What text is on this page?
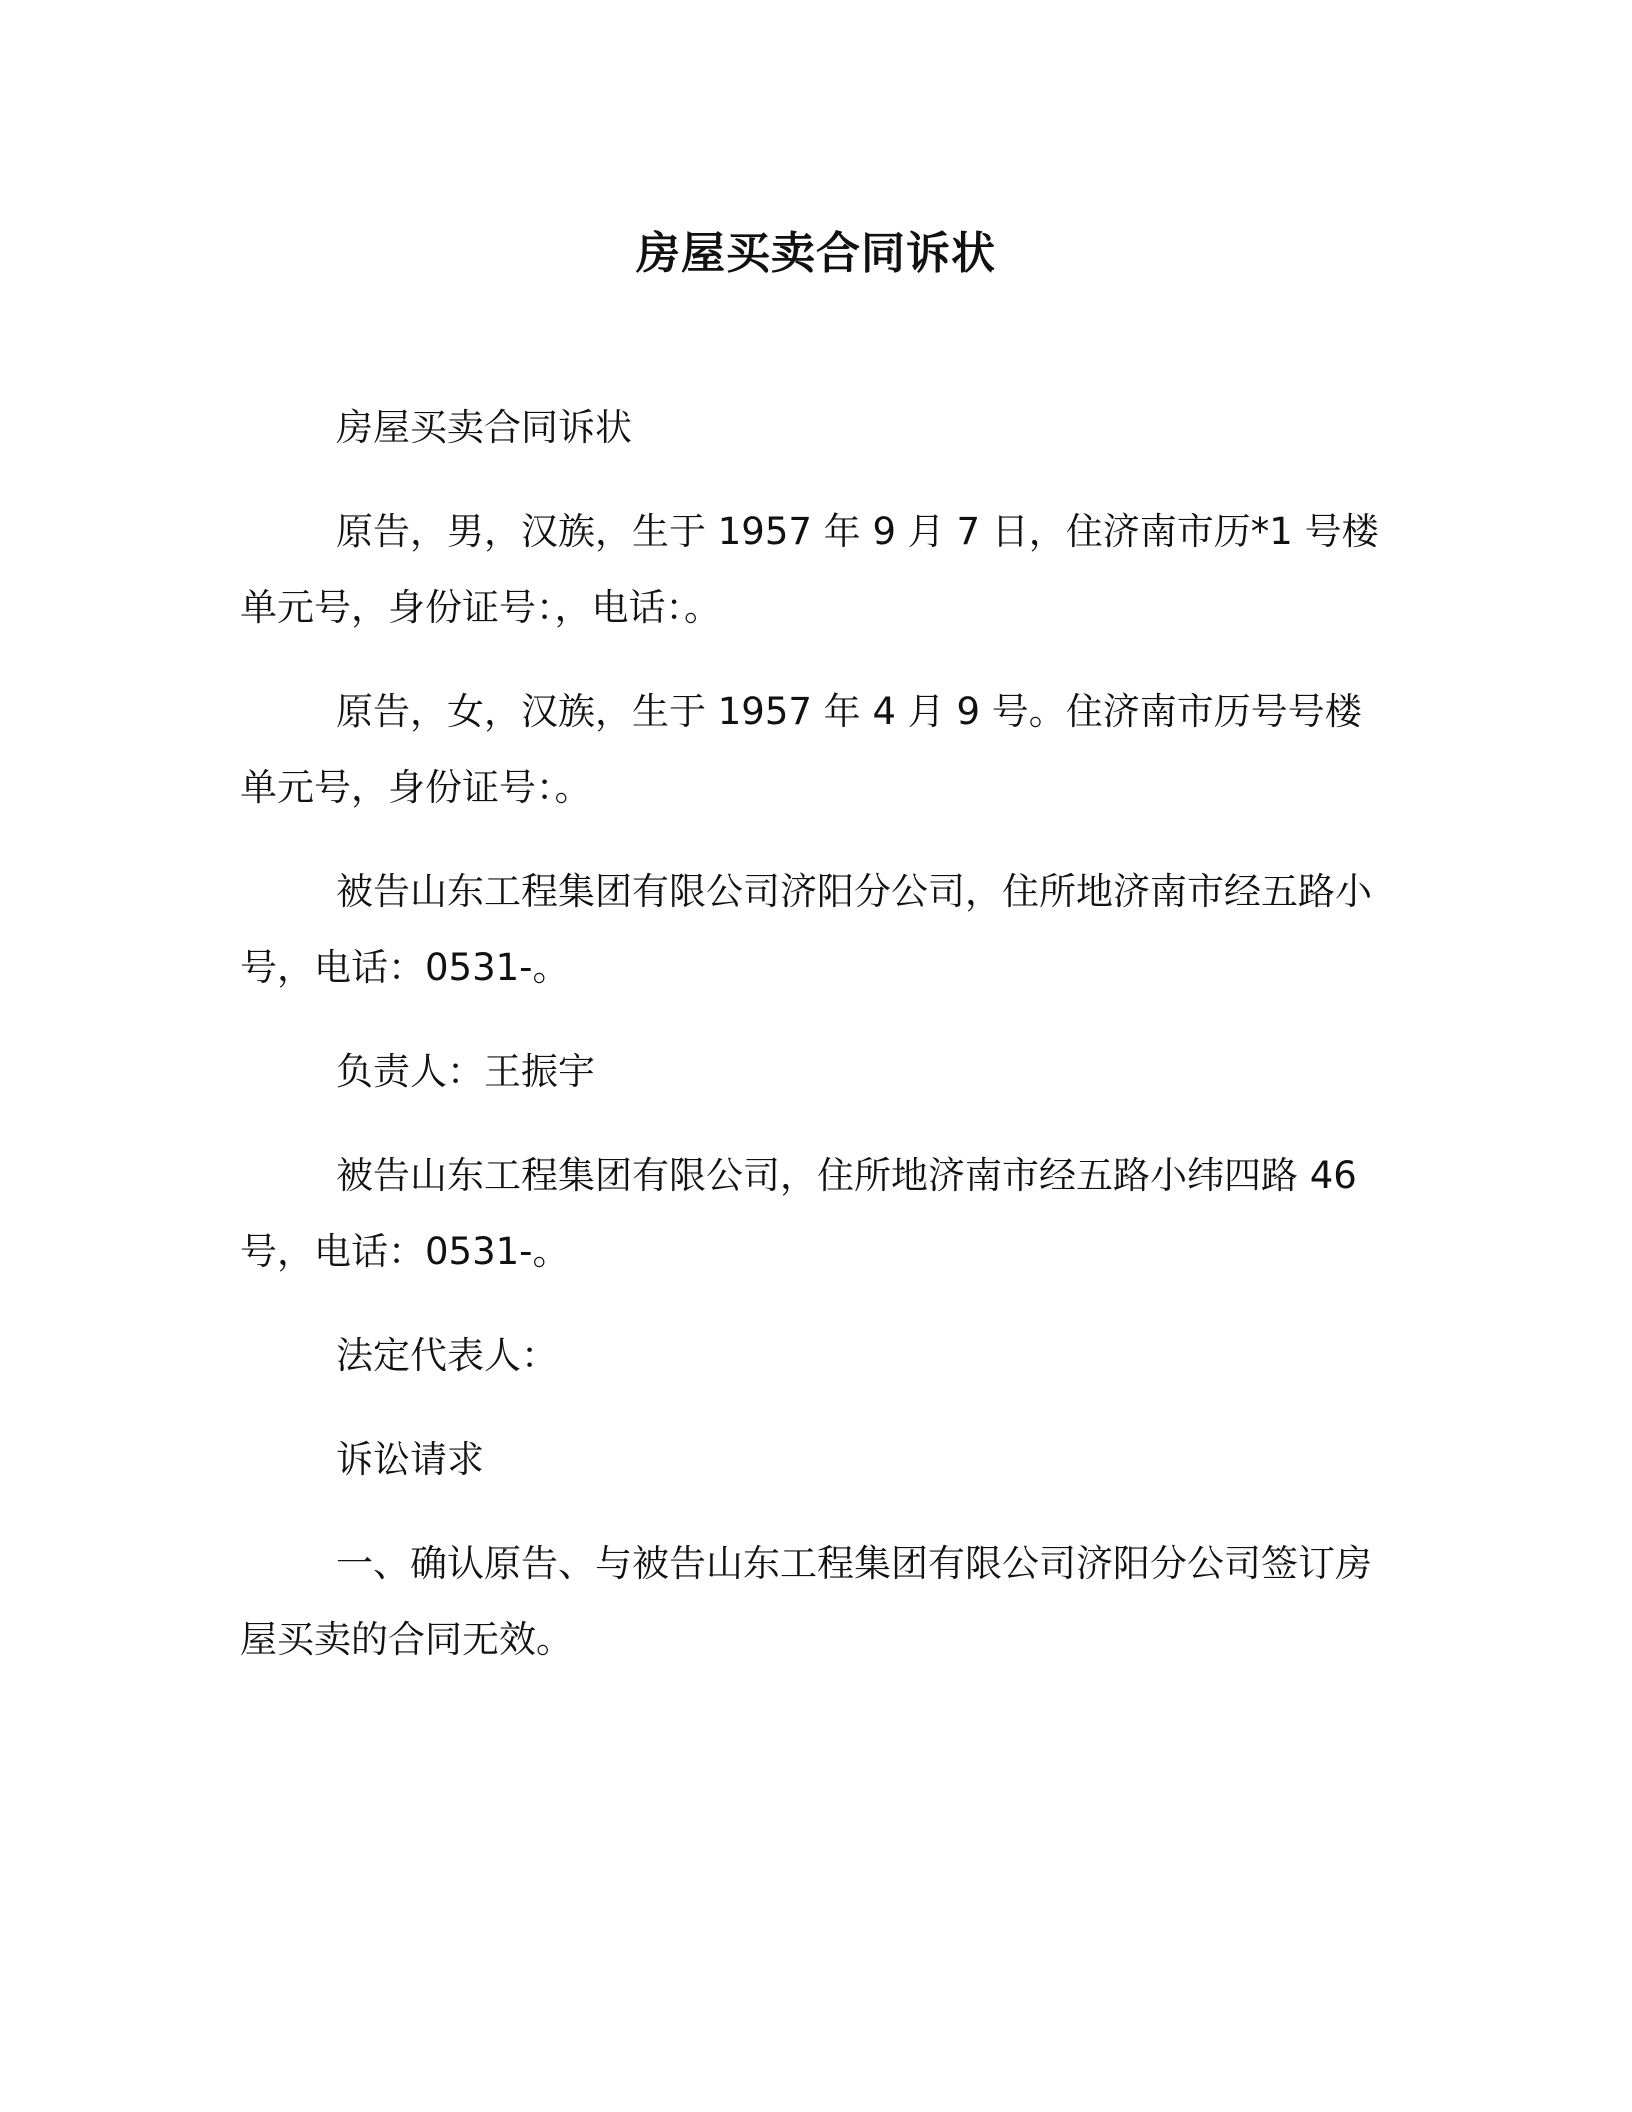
房屋买卖合同诉状

房屋买卖合同诉状

原告，男，汉族，生于 1957 年 9 月 7 日，住济南市历*1 号楼单元号，身份证号：，电话：。

原告，女，汉族，生于 1957 年 4 月 9 号。住济南市历号号楼单元号，身份证号：。

被告山东工程集团有限公司济阳分公司，住所地济南市经五路小号，电话：0531-。

负责人：王振宇

被告山东工程集团有限公司，住所地济南市经五路小纬四路 46 号，电话：0531-。

法定代表人：

诉讼请求

一、确认原告、与被告山东工程集团有限公司济阳分公司签订房屋买卖的合同无效。
